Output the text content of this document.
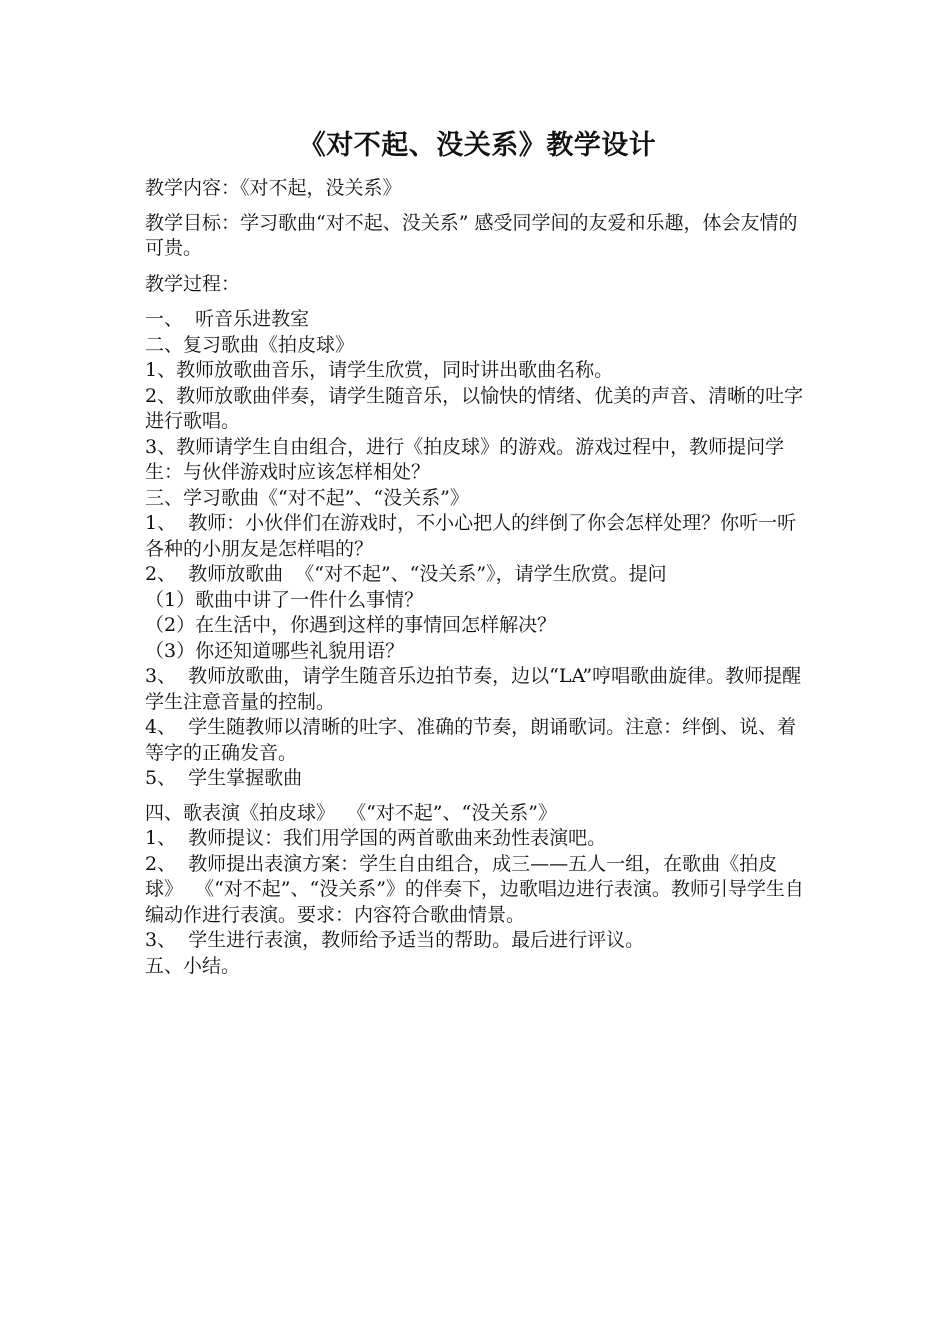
《对不起、没关系》教学设计

教学内容：《对不起，没关系》

教学目标：学习歌曲“对不起、没关系” 感受同学间的友爱和乐趣，体会友情的可贵。

教学过程：

一、  听音乐进教室

二、复习歌曲《拍皮球》

1、教师放歌曲音乐，请学生欣赏，同时讲出歌曲名称。

2、教师放歌曲伴奏，请学生随音乐，以愉快的情绪、优美的声音、清晰的吐字进行歌唱。

3、教师请学生自由组合，进行《拍皮球》的游戏。游戏过程中，教师提问学生：与伙伴游戏时应该怎样相处？

三、学习歌曲《“对不起”、“没关系”》

1、  教师：小伙伴们在游戏时，不小心把人的绊倒了你会怎样处理？你听一听各种的小朋友是怎样唱的？

2、  教师放歌曲  《“对不起”、“没关系”》，请学生欣赏。提问

（1）歌曲中讲了一件什么事情？

（2）在生活中，你遇到这样的事情回怎样解决？

（3）你还知道哪些礼貌用语？

3、  教师放歌曲，请学生随音乐边拍节奏，边以“LA”哼唱歌曲旋律。教师提醒学生注意音量的控制。

4、  学生随教师以清晰的吐字、准确的节奏，朗诵歌词。注意：绊倒、说、着等字的正确发音。

5、  学生掌握歌曲

四、歌表演《拍皮球》  《“对不起”、“没关系”》

1、  教师提议：我们用学国的两首歌曲来劲性表演吧。

2、  教师提出表演方案：学生自由组合，成三——五人一组，在歌曲《拍皮球》  《“对不起”、“没关系”》的伴奏下，边歌唱边进行表演。教师引导学生自编动作进行表演。要求：内容符合歌曲情景。

3、  学生进行表演，教师给予适当的帮助。最后进行评议。

五、小结。
